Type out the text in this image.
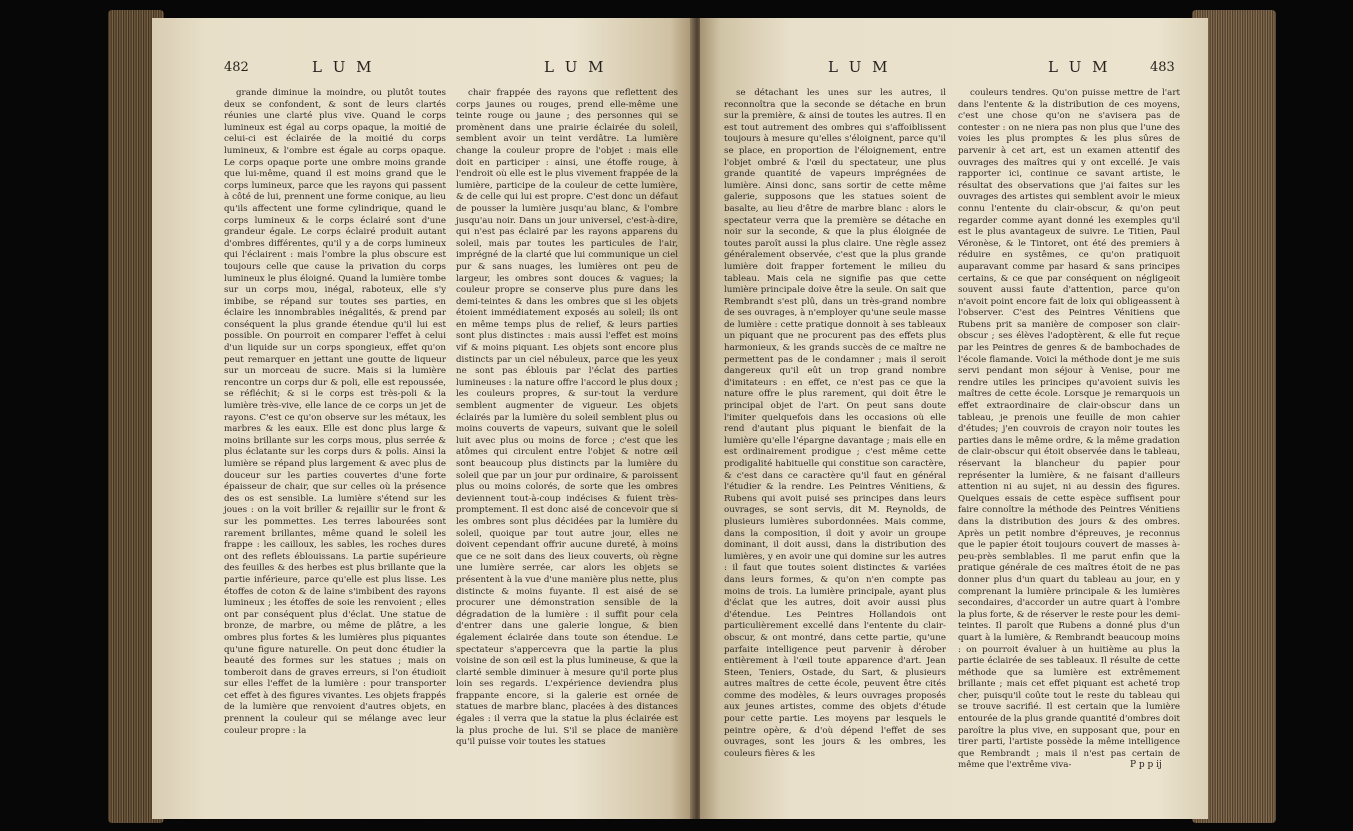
482	L U M	L U M

grande diminue la moindre, ou plutôt toutes deux se confondent, & sont de leurs clartés réunies une clarté plus vive. Quand le corps lumineux est égal au corps opaque, la moitié de celui-ci est éclairée de la moitié du corps lumineux, & l'ombre est égale au corps opaque. Le corps opaque porte une ombre moins grande que lui-même, quand il est moins grand que le corps lumineux, parce que les rayons qui passent à côté de lui, prennent une forme conique, au lieu qu'ils affectent une forme cylindrique, quand le corps lumineux & le corps éclairé sont d'une grandeur égale. Le corps éclairé produit autant d'ombres différentes, qu'il y a de corps lumineux qui l'éclairent : mais l'ombre la plus obscure est toujours celle que cause la privation du corps lumineux le plus éloigné. Quand la lumière tombe sur un corps mou, inégal, raboteux, elle s'y imbibe, se répand sur toutes ses parties, en éclaire les innombrables inégalités, & prend par conséquent la plus grande étendue qu'il lui est possible. On pourroit en comparer l'effet à celui d'un liquide sur un corps spongieux, effet qu'on peut remarquer en jettant une goutte de liqueur sur un morceau de sucre. Mais si la lumière rencontre un corps dur & poli, elle est repoussée, se réfléchit; & si le corps est très-poli & la lumière très-vive, elle lance de ce corps un jet de rayons. C'est ce qu'on observe sur les métaux, les marbres & les eaux. Elle est donc plus large & moins brillante sur les corps mous, plus serrée & plus éclatante sur les corps durs & polis. Ainsi la lumière se répand plus largement & avec plus de douceur sur les parties couvertes d'une forte épaisseur de chair, que sur celles où la présence des os est sensible. La lumière s'étend sur les joues : on la voit briller & rejaillir sur le front & sur les pommettes. Les terres labourées sont rarement brillantes, même quand le soleil les frappe : les cailloux, les sables, les roches dures ont des reflets éblouissans. La partie supérieure des feuilles & des herbes est plus brillante que la partie inférieure, parce qu'elle est plus lisse. Les étoffes de coton & de laine s'imbibent des rayons lumineux ; les étoffes de soie les renvoient ; elles ont par conséquent plus d'éclat. Une statue de bronze, de marbre, ou même de plâtre, a les ombres plus fortes & les lumières plus piquantes qu'une figure naturelle. On peut donc étudier la beauté des formes sur les statues ; mais on tomberoit dans de graves erreurs, si l'on étudioit sur elles l'effet de la lumière : pour transporter cet effet à des figures vivantes. Les objets frappés de la lumière que renvoient d'autres objets, en prennent la couleur qui se mélange avec leur couleur propre : la

chair frappée des rayons que reflettent des corps jaunes ou rouges, prend elle-même une teinte rouge ou jaune ; des personnes qui se promènent dans une prairie éclairée du soleil, semblent avoir un teint verdâtre. La lumière change la couleur propre de l'objet : mais elle doit en participer : ainsi, une étoffe rouge, à l'endroit où elle est le plus vivement frappée de la lumière, participe de la couleur de cette lumière, & de celle qui lui est propre. C'est donc un défaut de pousser la lumière jusqu'au blanc, & l'ombre jusqu'au noir. Dans un jour universel, c'est-à-dire, qui n'est pas éclairé par les rayons apparens du soleil, mais par toutes les particules de l'air, imprégné de la clarté que lui communique un ciel pur & sans nuages, les lumières ont peu de largeur, les ombres sont douces & vagues; la couleur propre se conserve plus pure dans les demi-teintes & dans les ombres que si les objets étoient immédiatement exposés au soleil; ils ont en même temps plus de relief, & leurs parties sont plus distinctes : mais aussi l'effet est moins vif & moins piquant. Les objets sont encore plus distincts par un ciel nébuleux, parce que les yeux ne sont pas éblouis par l'éclat des parties lumineuses : la nature offre l'accord le plus doux ; les couleurs propres, & sur-tout la verdure semblent augmenter de vigueur. Les objets éclairés par la lumière du soleil semblent plus ou moins couverts de vapeurs, suivant que le soleil luit avec plus ou moins de force ; c'est que les atômes qui circulent entre l'objet & notre œil sont beaucoup plus distincts par la lumière du soleil que par un jour pur ordinaire, & paroissent plus ou moins colorés, de sorte que les ombres deviennent tout-à-coup indécises & fuient très-promptement. Il est donc aisé de concevoir que si les ombres sont plus décidées par la lumière du soleil, quoique par tout autre jour, elles ne doivent cependant offrir aucune dureté, à moins que ce ne soit dans des lieux couverts, où règne une lumière serrée, car alors les objets se présentent à la vue d'une manière plus nette, plus distincte & moins fuyante. Il est aisé de se procurer une démonstration sensible de la dégradation de la lumière : il suffit pour cela d'entrer dans une galerie longue, & bien également éclairée dans toute son étendue. Le spectateur s'appercevra que la partie la plus voisine de son œil est la plus lumineuse, & que la clarté semble diminuer à mesure qu'il porte plus loin ses regards. L'expérience deviendra plus frappante encore, si la galerie est ornée de statues de marbre blanc, placées à des distances égales : il verra que la statue la plus éclairée est la plus proche de lui. S'il se place de manière qu'il puisse voir toutes les statues

L U M	L U M	483

se détachant les unes sur les autres, il reconnoîtra que la seconde se détache en brun sur la première, & ainsi de toutes les autres. Il en est tout autrement des ombres qui s'affoiblissent toujours à mesure qu'elles s'éloignent, parce qu'il se place, en proportion de l'éloignement, entre l'objet ombré & l'œil du spectateur, une plus grande quantité de vapeurs imprégnées de lumière. Ainsi donc, sans sortir de cette même galerie, supposons que les statues soient de basalte, au lieu d'être de marbre blanc : alors le spectateur verra que la première se détache en noir sur la seconde, & que la plus éloignée de toutes paroît aussi la plus claire. Une règle assez généralement observée, c'est que la plus grande lumière doit frapper fortement le milieu du tableau. Mais cela ne signifie pas que cette lumière principale doive être la seule. On sait que Rembrandt s'est plû, dans un très-grand nombre de ses ouvrages, à n'employer qu'une seule masse de lumière : cette pratique donnoit à ses tableaux un piquant que ne procurent pas des effets plus harmonieux, & les grands succès de ce maître ne permettent pas de le condamner ; mais il seroit dangereux qu'il eût un trop grand nombre d'imitateurs : en effet, ce n'est pas ce que la nature offre le plus rarement, qui doit être le principal objet de l'art. On peut sans doute l'imiter quelquefois dans les occasions où elle rend d'autant plus piquant le bienfait de la lumière qu'elle l'épargne davantage ; mais elle en est ordinairement prodigue ; c'est même cette prodigalité habituelle qui constitue son caractère, & c'est dans ce caractère qu'il faut en général l'étudier & la rendre. Les Peintres Vénitiens, & Rubens qui avoit puisé ses principes dans leurs ouvrages, se sont servis, dit M. Reynolds, de plusieurs lumières subordonnées. Mais comme, dans la composition, il doit y avoir un groupe dominant, il doit aussi, dans la distribution des lumières, y en avoir une qui domine sur les autres : il faut que toutes soient distinctes & variées dans leurs formes, & qu'on n'en compte pas moins de trois. La lumière principale, ayant plus d'éclat que les autres, doit avoir aussi plus d'étendue. Les Peintres Hollandois ont particulièrement excellé dans l'entente du clair-obscur, & ont montré, dans cette partie, qu'une parfaite intelligence peut parvenir à dérober entièrement à l'œil toute apparence d'art. Jean Steen, Teniers, Ostade, du Sart, & plusieurs autres maîtres de cette école, peuvent être cités comme des modèles, & leurs ouvrages proposés aux jeunes artistes, comme des objets d'étude pour cette partie. Les moyens par lesquels le peintre opère, & d'où dépend l'effet de ses ouvrages, sont les jours & les ombres, les couleurs fières & les

couleurs tendres. Qu'on puisse mettre de l'art dans l'entente & la distribution de ces moyens, c'est une chose qu'on ne s'avisera pas de contester : on ne niera pas non plus que l'une des voies les plus promptes & les plus sûres de parvenir à cet art, est un examen attentif des ouvrages des maîtres qui y ont excellé. Je vais rapporter ici, continue ce savant artiste, le résultat des observations que j'ai faites sur les ouvrages des artistes qui semblent avoir le mieux connu l'entente du clair-obscur, & qu'on peut regarder comme ayant donné les exemples qu'il est le plus avantageux de suivre. Le Titien, Paul Véronèse, & le Tintoret, ont été des premiers à réduire en systêmes, ce qu'on pratiquoit auparavant comme par hasard & sans principes certains, & ce que par conséquent on négligeoit souvent aussi faute d'attention, parce qu'on n'avoit point encore fait de loix qui obligeassent à l'observer. C'est des Peintres Vénitiens que Rubens prit sa manière de composer son clair-obscur ; ses élèves l'adoptèrent, & elle fut reçue par les Peintres de genres & de bambochades de l'école flamande. Voici la méthode dont je me suis servi pendant mon séjour à Venise, pour me rendre utiles les principes qu'avoient suivis les maîtres de cette école. Lorsque je remarquois un effet extraordinaire de clair-obscur dans un tableau, je prenois une feuille de mon cahier d'études; j'en couvrois de crayon noir toutes les parties dans le même ordre, & la même gradation de clair-obscur qui étoit observée dans le tableau, réservant la blancheur du papier pour représenter la lumière, & ne faisant d'ailleurs attention ni au sujet, ni au dessin des figures. Quelques essais de cette espèce suffisent pour faire connoître la méthode des Peintres Vénitiens dans la distribution des jours & des ombres. Après un petit nombre d'épreuves, je reconnus que le papier étoit toujours couvert de masses à-peu-près semblables. Il me parut enfin que la pratique générale de ces maîtres étoit de ne pas donner plus d'un quart du tableau au jour, en y comprenant la lumière principale & les lumières secondaires, d'accorder un autre quart à l'ombre la plus forte, & de réserver le reste pour les demi-teintes. Il paroît que Rubens a donné plus d'un quart à la lumière, & Rembrandt beaucoup moins : on pourroit évaluer à un huitième au plus la partie éclairée de ses tableaux. Il résulte de cette méthode que sa lumière est extrêmement brillante ; mais cet effet piquant est acheté trop cher, puisqu'il coûte tout le reste du tableau qui se trouve sacrifié. Il est certain que la lumière entourée de la plus grande quantité d'ombres doit paroître la plus vive, en supposant que, pour en tirer parti, l'artiste possède la même intelligence que Rembrandt ; mais il n'est pas certain de même que l'extrême viva-	P p p ij
